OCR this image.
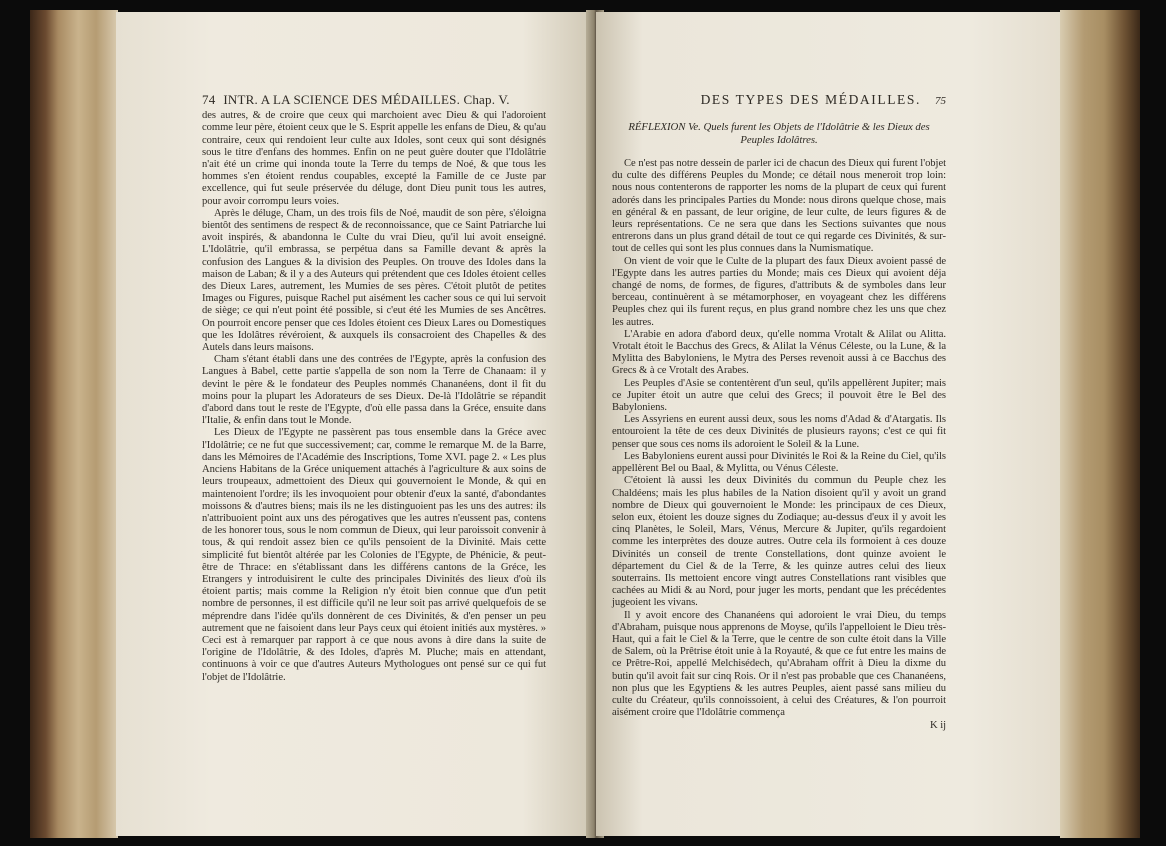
74 INTR. A LA SCIENCE DES MÉDAILLES. Chap. V.

des autres, & de croire que ceux qui marchoient avec Dieu & qui l'adoroient comme leur père, étoient ceux que le S. Esprit appelle les enfans de Dieu, & qu'au contraire, ceux qui rendoient leur culte aux Idoles, sont ceux qui sont désignés sous le titre d'enfans des hommes. Enfin on ne peut guère douter que l'Idolâtrie n'ait été un crime qui inonda toute la Terre du temps de Noé, & que tous les hommes s'en étoient rendus coupables, excepté la Famille de ce Juste par excellence, qui fut seule préservée du déluge, dont Dieu punit tous les autres, pour avoir corrompu leurs voies.

Après le déluge, Cham, un des trois fils de Noé, maudit de son père, s'éloigna bientôt des sentimens de respect & de reconnoissance, que ce Saint Patriarche lui avoit inspirés, & abandonna le Culte du vrai Dieu, qu'il lui avoit enseigné. L'Idolâtrie, qu'il embrassa, se perpétua dans sa Famille devant & après la confusion des Langues & la division des Peuples. On trouve des Idoles dans la maison de Laban; & il y a des Auteurs qui prétendent que ces Idoles étoient celles des Dieux Lares, autrement, les Mumies de ses pères. C'étoit plutôt de petites Images ou Figures, puisque Rachel put aisément les cacher sous ce qui lui servoit de siège; ce qui n'eut point été possible, si c'eut été les Mumies de ses Ancêtres. On pourroit encore penser que ces Idoles étoient ces Dieux Lares ou Domestiques que les Idolâtres révéroient, & auxquels ils consacroient des Chapelles & des Autels dans leurs maisons.

Cham s'étant établi dans une des contrées de l'Egypte, après la confusion des Langues à Babel, cette partie s'appella de son nom la Terre de Chanaam: il y devint le père & le fondateur des Peuples nommés Chananéens, dont il fit du moins pour la plupart les Adorateurs de ses Dieux. De-là l'Idolâtrie se répandit d'abord dans tout le reste de l'Egypte, d'où elle passa dans la Gréce, ensuite dans l'Italie, & enfin dans tout le Monde.

Les Dieux de l'Egypte ne passèrent pas tous ensemble dans la Gréce avec l'Idolâtrie; ce ne fut que successivement; car, comme le remarque M. de la Barre, dans les Mémoires de l'Académie des Inscriptions, Tome XVI. page 2. « Les plus Anciens Habitans de la Gréce uniquement attachés à l'agriculture & aux soins de leurs troupeaux, admettoient des Dieux qui gouvernoient le Monde, & qui en maintenoient l'ordre; ils les invoquoient pour obtenir d'eux la santé, d'abondantes moissons & d'autres biens; mais ils ne les distinguoient pas les uns des autres: ils n'attribuoient point aux uns des pérogatives que les autres n'eussent pas, contens de les honorer tous, sous le nom commun de Dieux, qui leur paroissoit convenir à tous, & qui rendoit assez bien ce qu'ils pensoient de la Divinité. Mais cette simplicité fut bientôt altérée par les Colonies de l'Egypte, de Phénicie, & peut-être de Thrace: en s'établissant dans les différens cantons de la Gréce, les Etrangers y introduisirent le culte des principales Divinités des lieux d'où ils étoient partis; mais comme la Religion n'y étoit bien connue que d'un petit nombre de personnes, il est difficile qu'il ne leur soit pas arrivé quelquefois de se méprendre dans l'idée qu'ils donnèrent de ces Divinités, & d'en penser un peu autrement que ne faisoient dans leur Pays ceux qui étoient initiés aux mystères. » Ceci est à remarquer par rapport à ce que nous avons à dire dans la suite de l'origine de l'Idolâtrie, & des Idoles, d'après M. Pluche; mais en attendant, continuons à voir ce que d'autres Auteurs Mythologues ont pensé sur ce qui fut l'objet de l'Idolâtrie.

DES TYPES DES MÉDAILLES. 75
RÉFLEXION Ve. Quels furent les Objets de l'Idolâtrie & les Dieux des Peuples Idolâtres.

Ce n'est pas notre dessein de parler ici de chacun des Dieux qui furent l'objet du culte des différens Peuples du Monde; ce détail nous meneroit trop loin: nous nous contenterons de rapporter les noms de la plupart de ceux qui furent adorés dans les principales Parties du Monde: nous dirons quelque chose, mais en général & en passant, de leur origine, de leur culte, de leurs figures & de leurs représentations. Ce ne sera que dans les Sections suivantes que nous entrerons dans un plus grand détail de tout ce qui regarde ces Divinités, & sur-tout de celles qui sont les plus connues dans la Numismatique.

On vient de voir que le Culte de la plupart des faux Dieux avoient passé de l'Egypte dans les autres parties du Monde; mais ces Dieux qui avoient déja changé de noms, de formes, de figures, d'attributs & de symboles dans leur berceau, continuèrent à se métamorphoser, en voyageant chez les différens Peuples chez qui ils furent reçus, en plus grand nombre chez les uns que chez les autres.

L'Arabie en adora d'abord deux, qu'elle nomma Vrotalt & Alilat ou Alitta. Vrotalt étoit le Bacchus des Grecs, & Alilat la Vénus Céleste, ou la Lune, & la Mylitta des Babyloniens, le Mytra des Perses revenoit aussi à ce Bacchus des Grecs & à ce Vrotalt des Arabes.

Les Peuples d'Asie se contentèrent d'un seul, qu'ils appellèrent Jupiter; mais ce Jupiter étoit un autre que celui des Grecs; il pouvoit être le Bel des Babyloniens.

Les Assyriens en eurent aussi deux, sous les noms d'Adad & d'Atargatis. Ils entouroient la tête de ces deux Divinités de plusieurs rayons; c'est ce qui fit penser que sous ces noms ils adoroient le Soleil & la Lune.

Les Babyloniens eurent aussi pour Divinités le Roi & la Reine du Ciel, qu'ils appellèrent Bel ou Baal, & Mylitta, ou Vénus Céleste.

C'étoient là aussi les deux Divinités du commun du Peuple chez les Chaldéens; mais les plus habiles de la Nation disoient qu'il y avoit un grand nombre de Dieux qui gouvernoient le Monde: les principaux de ces Dieux, selon eux, étoient les douze signes du Zodiaque; au-dessus d'eux il y avoit les cinq Planètes, le Soleil, Mars, Vénus, Mercure & Jupiter, qu'ils regardoient comme les interprètes des douze autres. Outre cela ils formoient à ces douze Divinités un conseil de trente Constellations, dont quinze avoient le département du Ciel & de la Terre, & les quinze autres celui des lieux souterrains. Ils mettoient encore vingt autres Constellations rant visibles que cachées au Midi & au Nord, pour juger les morts, pendant que les précédentes jugeoient les vivans.

Il y avoit encore des Chananéens qui adoroient le vrai Dieu, du temps d'Abraham, puisque nous apprenons de Moyse, qu'ils l'appelloient le Dieu très-Haut, qui a fait le Ciel & la Terre, que le centre de son culte étoit dans la Ville de Salem, où la Prêtrise étoit unie à la Royauté, & que ce fut entre les mains de ce Prêtre-Roi, appellé Melchisédech, qu'Abraham offrit à Dieu la dixme du butin qu'il avoit fait sur cinq Rois. Or il n'est pas probable que ces Chananéens, non plus que les Egyptiens & les autres Peuples, aient passé sans milieu du culte du Créateur, qu'ils connoissoient, à celui des Créatures, & l'on pourroit aisément croire que l'Idolâtrie commença

K ij
